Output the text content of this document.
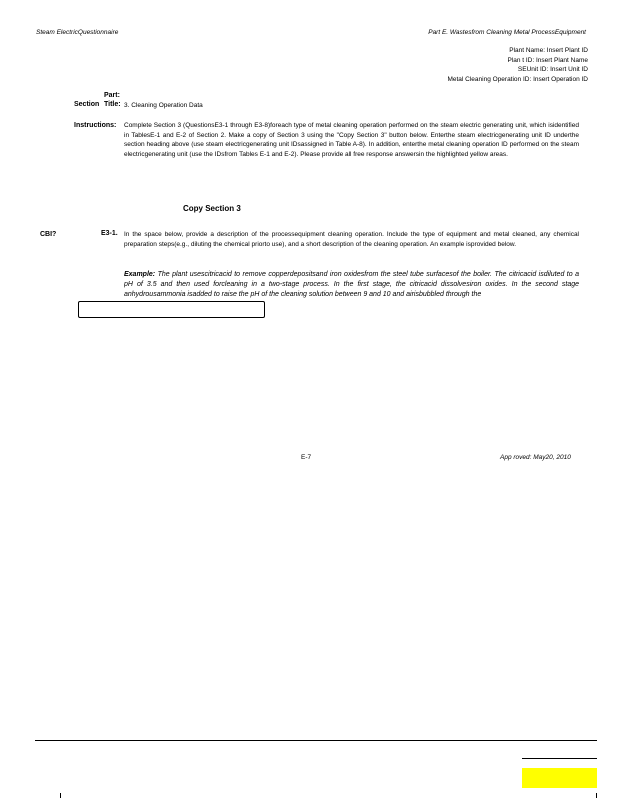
Steam ElectricQuestionnaire	Part E. Wastesfrom Cleaning Metal ProcessEquipment
Plant Name: Insert Plant ID
Plan t ID: Insert Plant Name
SEUnit ID: Insert Unit ID
Metal Cleaning Operation ID: Insert Operation ID
Part:
Section Title: 3. Cleaning Operation Data
Instructions: Complete Section 3 (QuestionsE3-1 through E3-8)foreach type of metal cleaning operation performed on the steam electric generating unit, which isidentified in TablesE-1 and E-2 of Section 2. Make a copy of Section 3 using the "Copy Section 3" button below. Enterthe steam electricgenerating unit ID underthe section heading above (use steam electricgenerating unit IDsassigned in Table A-8). In addition, enterthe metal cleaning operation ID performed on the steam electricgenerating unit (use the IDsfrom Tables E-1 and E-2). Please provide all free response answersin the highlighted yellow areas.
Copy Section 3
CBI?	E3-1. In the space below, provide a description of the processequipment cleaning operation. Include the type of equipment and metal cleaned, any chemical preparation steps(e.g., diluting the chemical priorto use), and a short description of the cleaning operation. An example isprovided below.
Example: The plant usescitricacid to remove copperdepositsand iron oxidesfrom the steel tube surfacesof the boiler. The citricacid isdiluted to a pH of 3.5 and then used forcleaning in a two-stage process. In the first stage, the citricacid dissolvesiron oxides. In the second stage anhydrousammonia isadded to raise the pH of the cleaning solution between 9 and 10 and airisbubbled through the
E-7	App roved: May20, 2010
